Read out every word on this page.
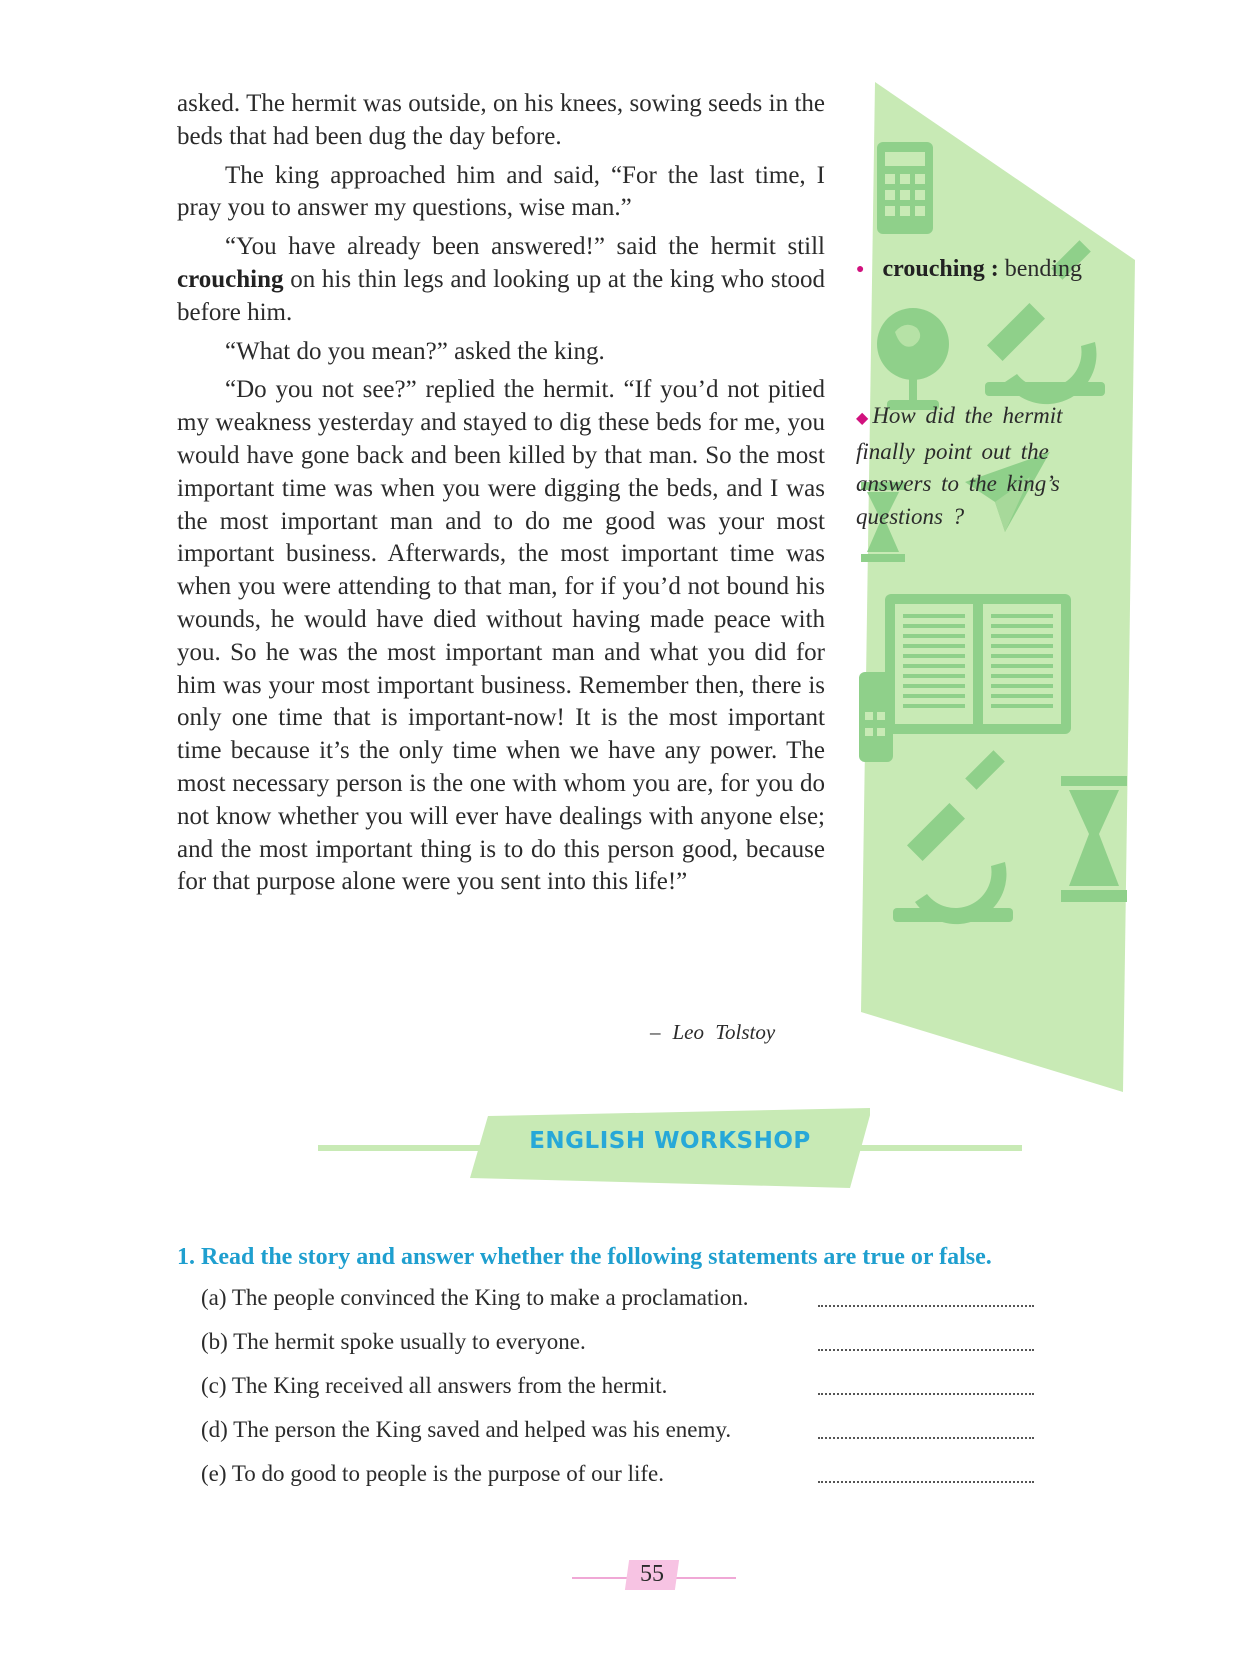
asked. The hermit was outside, on his knees, sowing seeds in the beds that had been dug the day before.

The king approached him and said, “For the last time, I pray you to answer my questions, wise man.”

“You have already been answered!” said the hermit still crouching on his thin legs and looking up at the king who stood before him.

“What do you mean?” asked the king.

“Do you not see?” replied the hermit. “If you’d not pitied my weakness yesterday and stayed to dig these beds for me, you would have gone back and been killed by that man. So the most important time was when you were digging the beds, and I was the most important man and to do me good was your most important business. Afterwards, the most important time was when you were attending to that man, for if you’d not bound his wounds, he would have died without having made peace with you. So he was the most important man and what you did for him was your most important business. Remember then, there is only one time that is important-now! It is the most important time because it’s the only time when we have any power. The most necessary person is the one with whom you are, for you do not know whether you will ever have dealings with anyone else; and the most important thing is to do this person good, because for that purpose alone were you sent into this life!”

– Leo Tolstoy
● crouching : bending
◆ How did the hermit finally point out the answers to the king’s questions ?
ENGLISH WORKSHOP
1. Read the story and answer whether the following statements are true or false.
(a) The people convinced the King to make a proclamation.
(b) The hermit spoke usually to everyone.
(c) The King received all answers from the hermit.
(d) The person the King saved and helped was his enemy.
(e) To do good to people is the purpose of our life.
55
